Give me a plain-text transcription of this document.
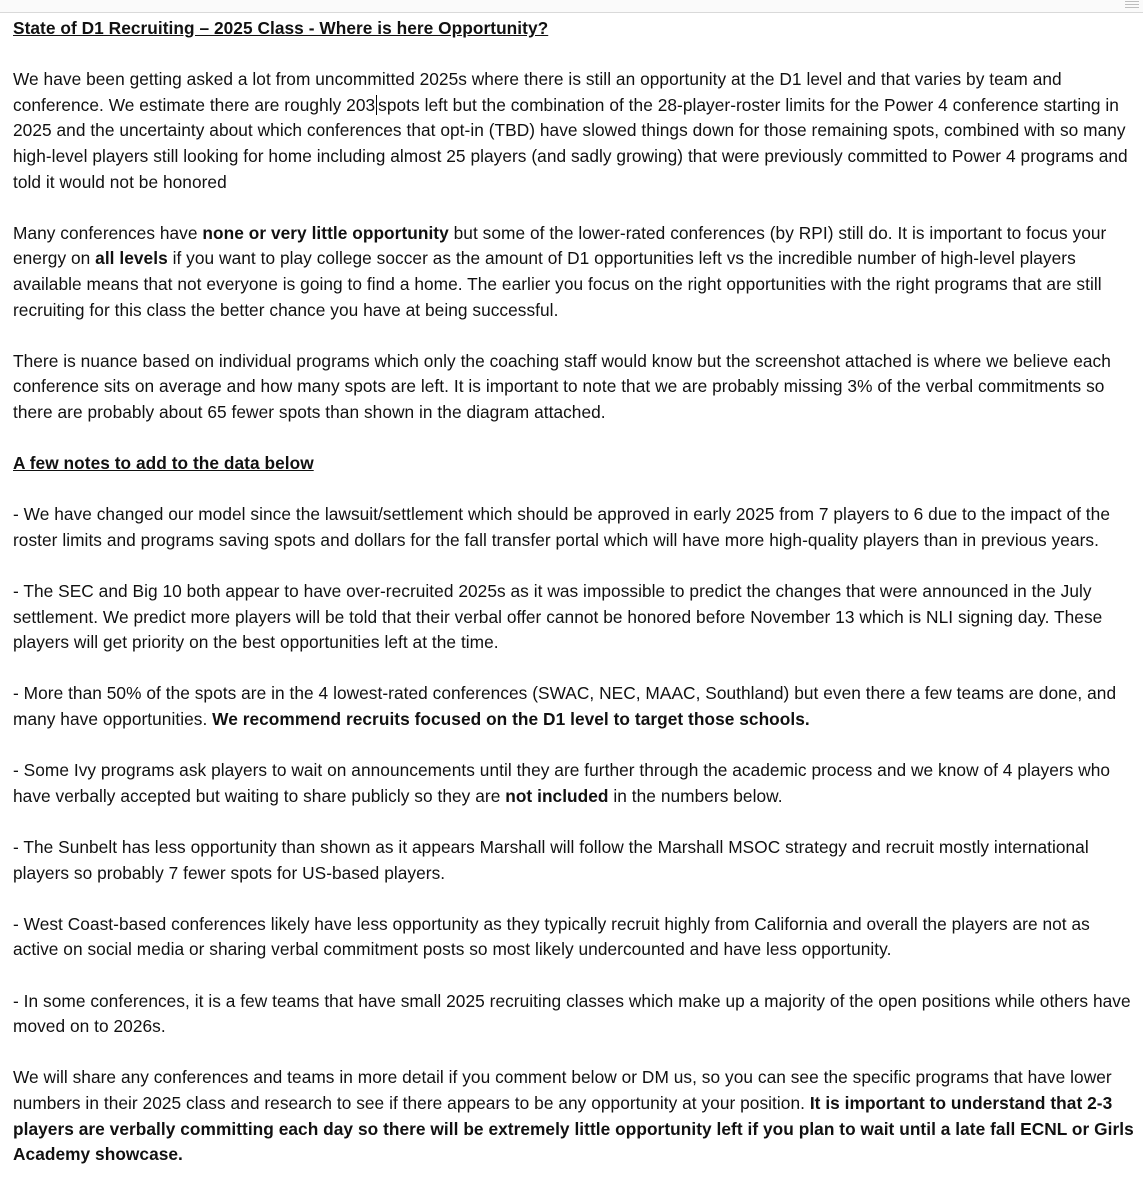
State of D1 Recruiting – 2025 Class - Where is here Opportunity?

We have been getting asked a lot from uncommitted 2025s where there is still an opportunity at the D1 level and that varies by team and conference. We estimate there are roughly 203 spots left but the combination of the 28-player-roster limits for the Power 4 conference starting in 2025 and the uncertainty about which conferences that opt-in (TBD) have slowed things down for those remaining spots, combined with so many high-level players still looking for home including almost 25 players (and sadly growing) that were previously committed to Power 4 programs and told it would not be honored

Many conferences have none or very little opportunity but some of the lower-rated conferences (by RPI) still do. It is important to focus your energy on all levels if you want to play college soccer as the amount of D1 opportunities left vs the incredible number of high-level players available means that not everyone is going to find a home. The earlier you focus on the right opportunities with the right programs that are still recruiting for this class the better chance you have at being successful.

There is nuance based on individual programs which only the coaching staff would know but the screenshot attached is where we believe each conference sits on average and how many spots are left. It is important to note that we are probably missing 3% of the verbal commitments so there are probably about 65 fewer spots than shown in the diagram attached.

A few notes to add to the data below

- We have changed our model since the lawsuit/settlement which should be approved in early 2025 from 7 players to 6 due to the impact of the roster limits and programs saving spots and dollars for the fall transfer portal which will have more high-quality players than in previous years.

- The SEC and Big 10 both appear to have over-recruited 2025s as it was impossible to predict the changes that were announced in the July settlement. We predict more players will be told that their verbal offer cannot be honored before November 13 which is NLI signing day. These players will get priority on the best opportunities left at the time.

- More than 50% of the spots are in the 4 lowest-rated conferences (SWAC, NEC, MAAC, Southland) but even there a few teams are done, and many have opportunities. We recommend recruits focused on the D1 level to target those schools.

- Some Ivy programs ask players to wait on announcements until they are further through the academic process and we know of 4 players who have verbally accepted but waiting to share publicly so they are not included in the numbers below.

- The Sunbelt has less opportunity than shown as it appears Marshall will follow the Marshall MSOC strategy and recruit mostly international players so probably 7 fewer spots for US-based players.

- West Coast-based conferences likely have less opportunity as they typically recruit highly from California and overall the players are not as active on social media or sharing verbal commitment posts so most likely undercounted and have less opportunity.

- In some conferences, it is a few teams that have small 2025 recruiting classes which make up a majority of the open positions while others have moved on to 2026s.

We will share any conferences and teams in more detail if you comment below or DM us, so you can see the specific programs that have lower numbers in their 2025 class and research to see if there appears to be any opportunity at your position. It is important to understand that 2-3 players are verbally committing each day so there will be extremely little opportunity left if you plan to wait until a late fall ECNL or Girls Academy showcase.
